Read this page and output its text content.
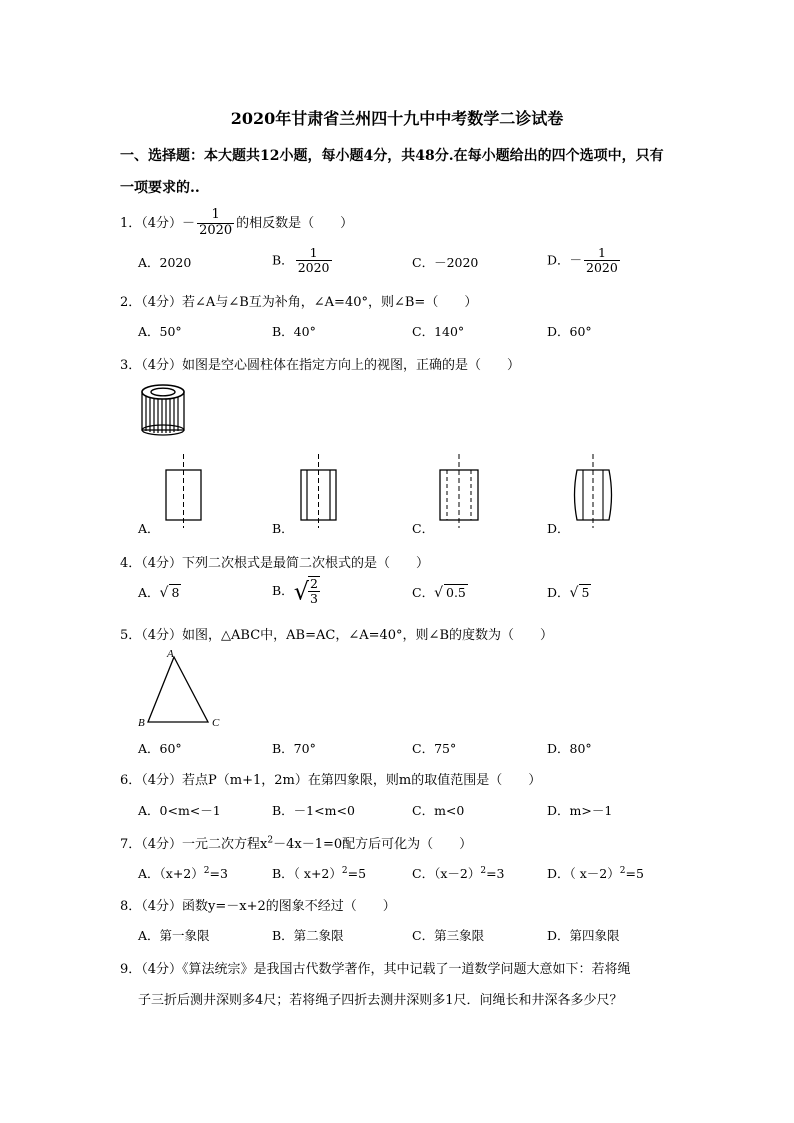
2020年甘肃省兰州四十九中中考数学二诊试卷
一、选择题：本大题共12小题，每小题4分，共48分.在每小题给出的四个选项中，只有
一项要求的..
1．（4分）－ $\frac{1}{2020}$ 的相反数是（　　）
A．2020	B． $\frac{1}{2020}$	C．－2020	D．－ $\frac{1}{2020}$
2．（4分）若∠A与∠B互为补角，∠A=40°，则∠B=（　　）
A．50°	B．40°	C．140°	D．60°
3．（4分）如图是空心圆柱体在指定方向上的视图，正确的是（　　）
A．	B．	C．	D．
4．（4分）下列二次根式是最简二次根式的是（　　）
A．√ 8	B．√ $\frac{2}{3}$	C．√ 0.5	D．√ 5
5．（4分）如图，△ABC中，AB=AC，∠A=40°，则∠B的度数为（　　）
A
B	C
A．60°	B．70°	C．75°	D．80°
6．（4分）若点P（m+1，2m）在第四象限，则m的取值范围是（　　）
A．0<m<－1	B．－1<m<0	C．m<0	D．m>－1
7．（4分）一元二次方程$x^2-4x-1=0$配方后可化为（　　）
A．$(x+2)^2=3$	B．（ x+2）$^2$=5	C．$(x-2)^2=3$	D．（ x－2）$^2$=5
8．（4分）函数y=－x+2的图象不经过（　　）
A．第一象限	B．第二象限	C．第三象限	D．第四象限
9．（4分）《算法统宗》是我国古代数学著作，其中记载了一道数学问题大意如下：若将绳
子三折后测井深则多4尺；若将绳子四折去测井深则多1尺．问绳长和井深各多少尺？
